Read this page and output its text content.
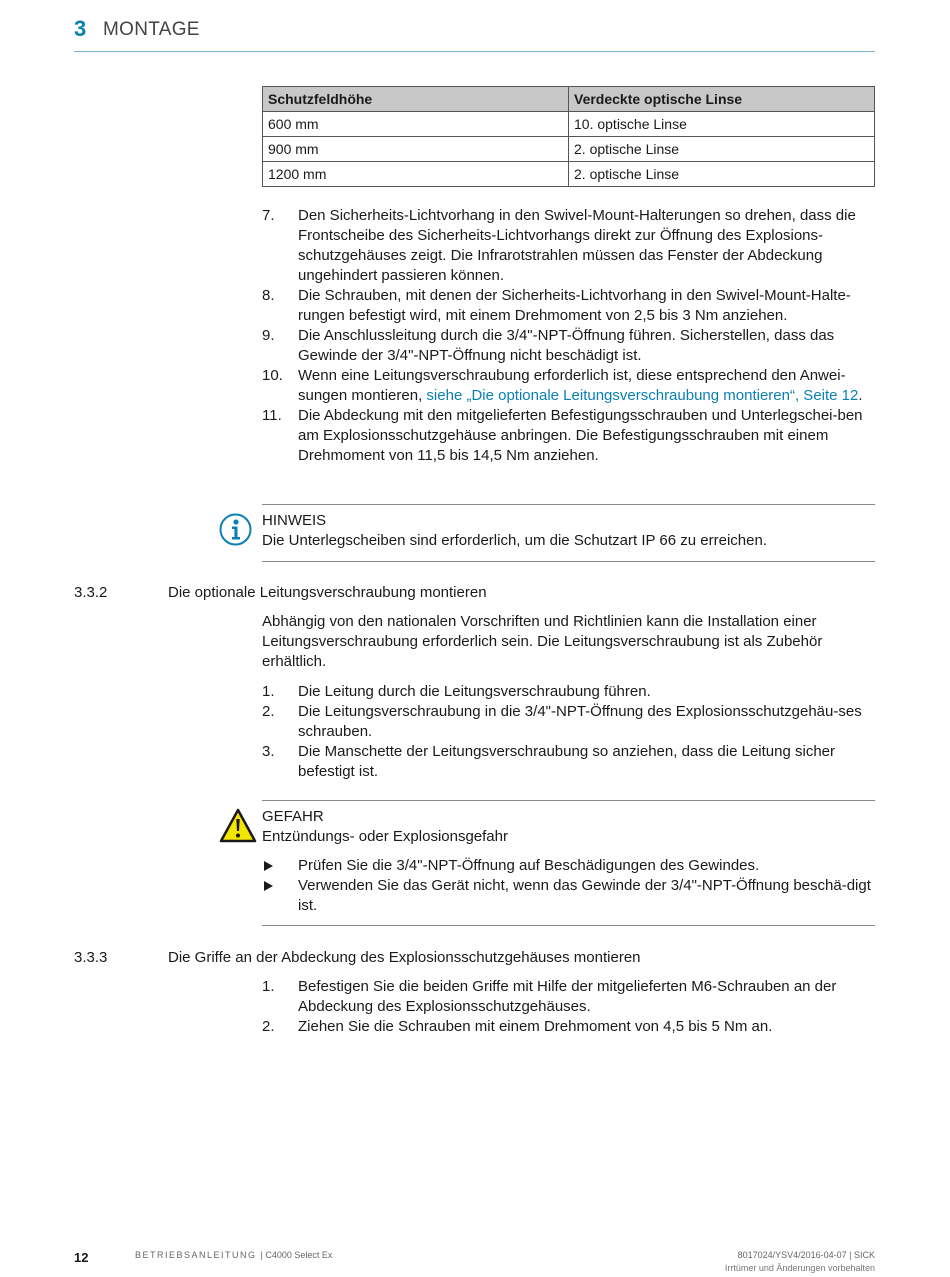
3 MONTAGE
Schutzfeldhöhe	Verdeckte optische Linse
600 mm	10. optische Linse
900 mm	2. optische Linse
1200 mm	2. optische Linse
7. Den Sicherheits-Lichtvorhang in den Swivel-Mount-Halterungen so drehen, dass die Frontscheibe des Sicherheits-Lichtvorhangs direkt zur Öffnung des Explosions-schutzgehäuses zeigt. Die Infrarotstrahlen müssen das Fenster der Abdeckung ungehindert passieren können.
8. Die Schrauben, mit denen der Sicherheits-Lichtvorhang in den Swivel-Mount-Halte-rungen befestigt wird, mit einem Drehmoment von 2,5 bis 3 Nm anziehen.
9. Die Anschlussleitung durch die 3/4"-NPT-Öffnung führen. Sicherstellen, dass das Gewinde der 3/4"-NPT-Öffnung nicht beschädigt ist.
10. Wenn eine Leitungsverschraubung erforderlich ist, diese entsprechend den Anwei-sungen montieren, siehe „Die optionale Leitungsverschraubung montieren“, Seite 12.
11. Die Abdeckung mit den mitgelieferten Befestigungsschrauben und Unterlegschei-ben am Explosionsschutzgehäuse anbringen. Die Befestigungsschrauben mit einem Drehmoment von 11,5 bis 14,5 Nm anziehen.
HINWEIS
Die Unterlegscheiben sind erforderlich, um die Schutzart IP 66 zu erreichen.
3.3.2	Die optionale Leitungsverschraubung montieren
Abhängig von den nationalen Vorschriften und Richtlinien kann die Installation einer Leitungsverschraubung erforderlich sein. Die Leitungsverschraubung ist als Zubehör erhältlich.
1. Die Leitung durch die Leitungsverschraubung führen.
2. Die Leitungsverschraubung in die 3/4"-NPT-Öffnung des Explosionsschutzgehäu-ses schrauben.
3. Die Manschette der Leitungsverschraubung so anziehen, dass die Leitung sicher befestigt ist.
GEFAHR
Entzündungs- oder Explosionsgefahr
Prüfen Sie die 3/4"-NPT-Öffnung auf Beschädigungen des Gewindes.
Verwenden Sie das Gerät nicht, wenn das Gewinde der 3/4"-NPT-Öffnung beschä-digt ist.
3.3.3	Die Griffe an der Abdeckung des Explosionsschutzgehäuses montieren
1. Befestigen Sie die beiden Griffe mit Hilfe der mitgelieferten M6-Schrauben an der Abdeckung des Explosionsschutzgehäuses.
2. Ziehen Sie die Schrauben mit einem Drehmoment von 4,5 bis 5 Nm an.
12	BETRIEBSANLEITUNG | C4000 Select Ex	8017024/YSV4/2016-04-07 | SICK
Irrtümer und Änderungen vorbehalten
